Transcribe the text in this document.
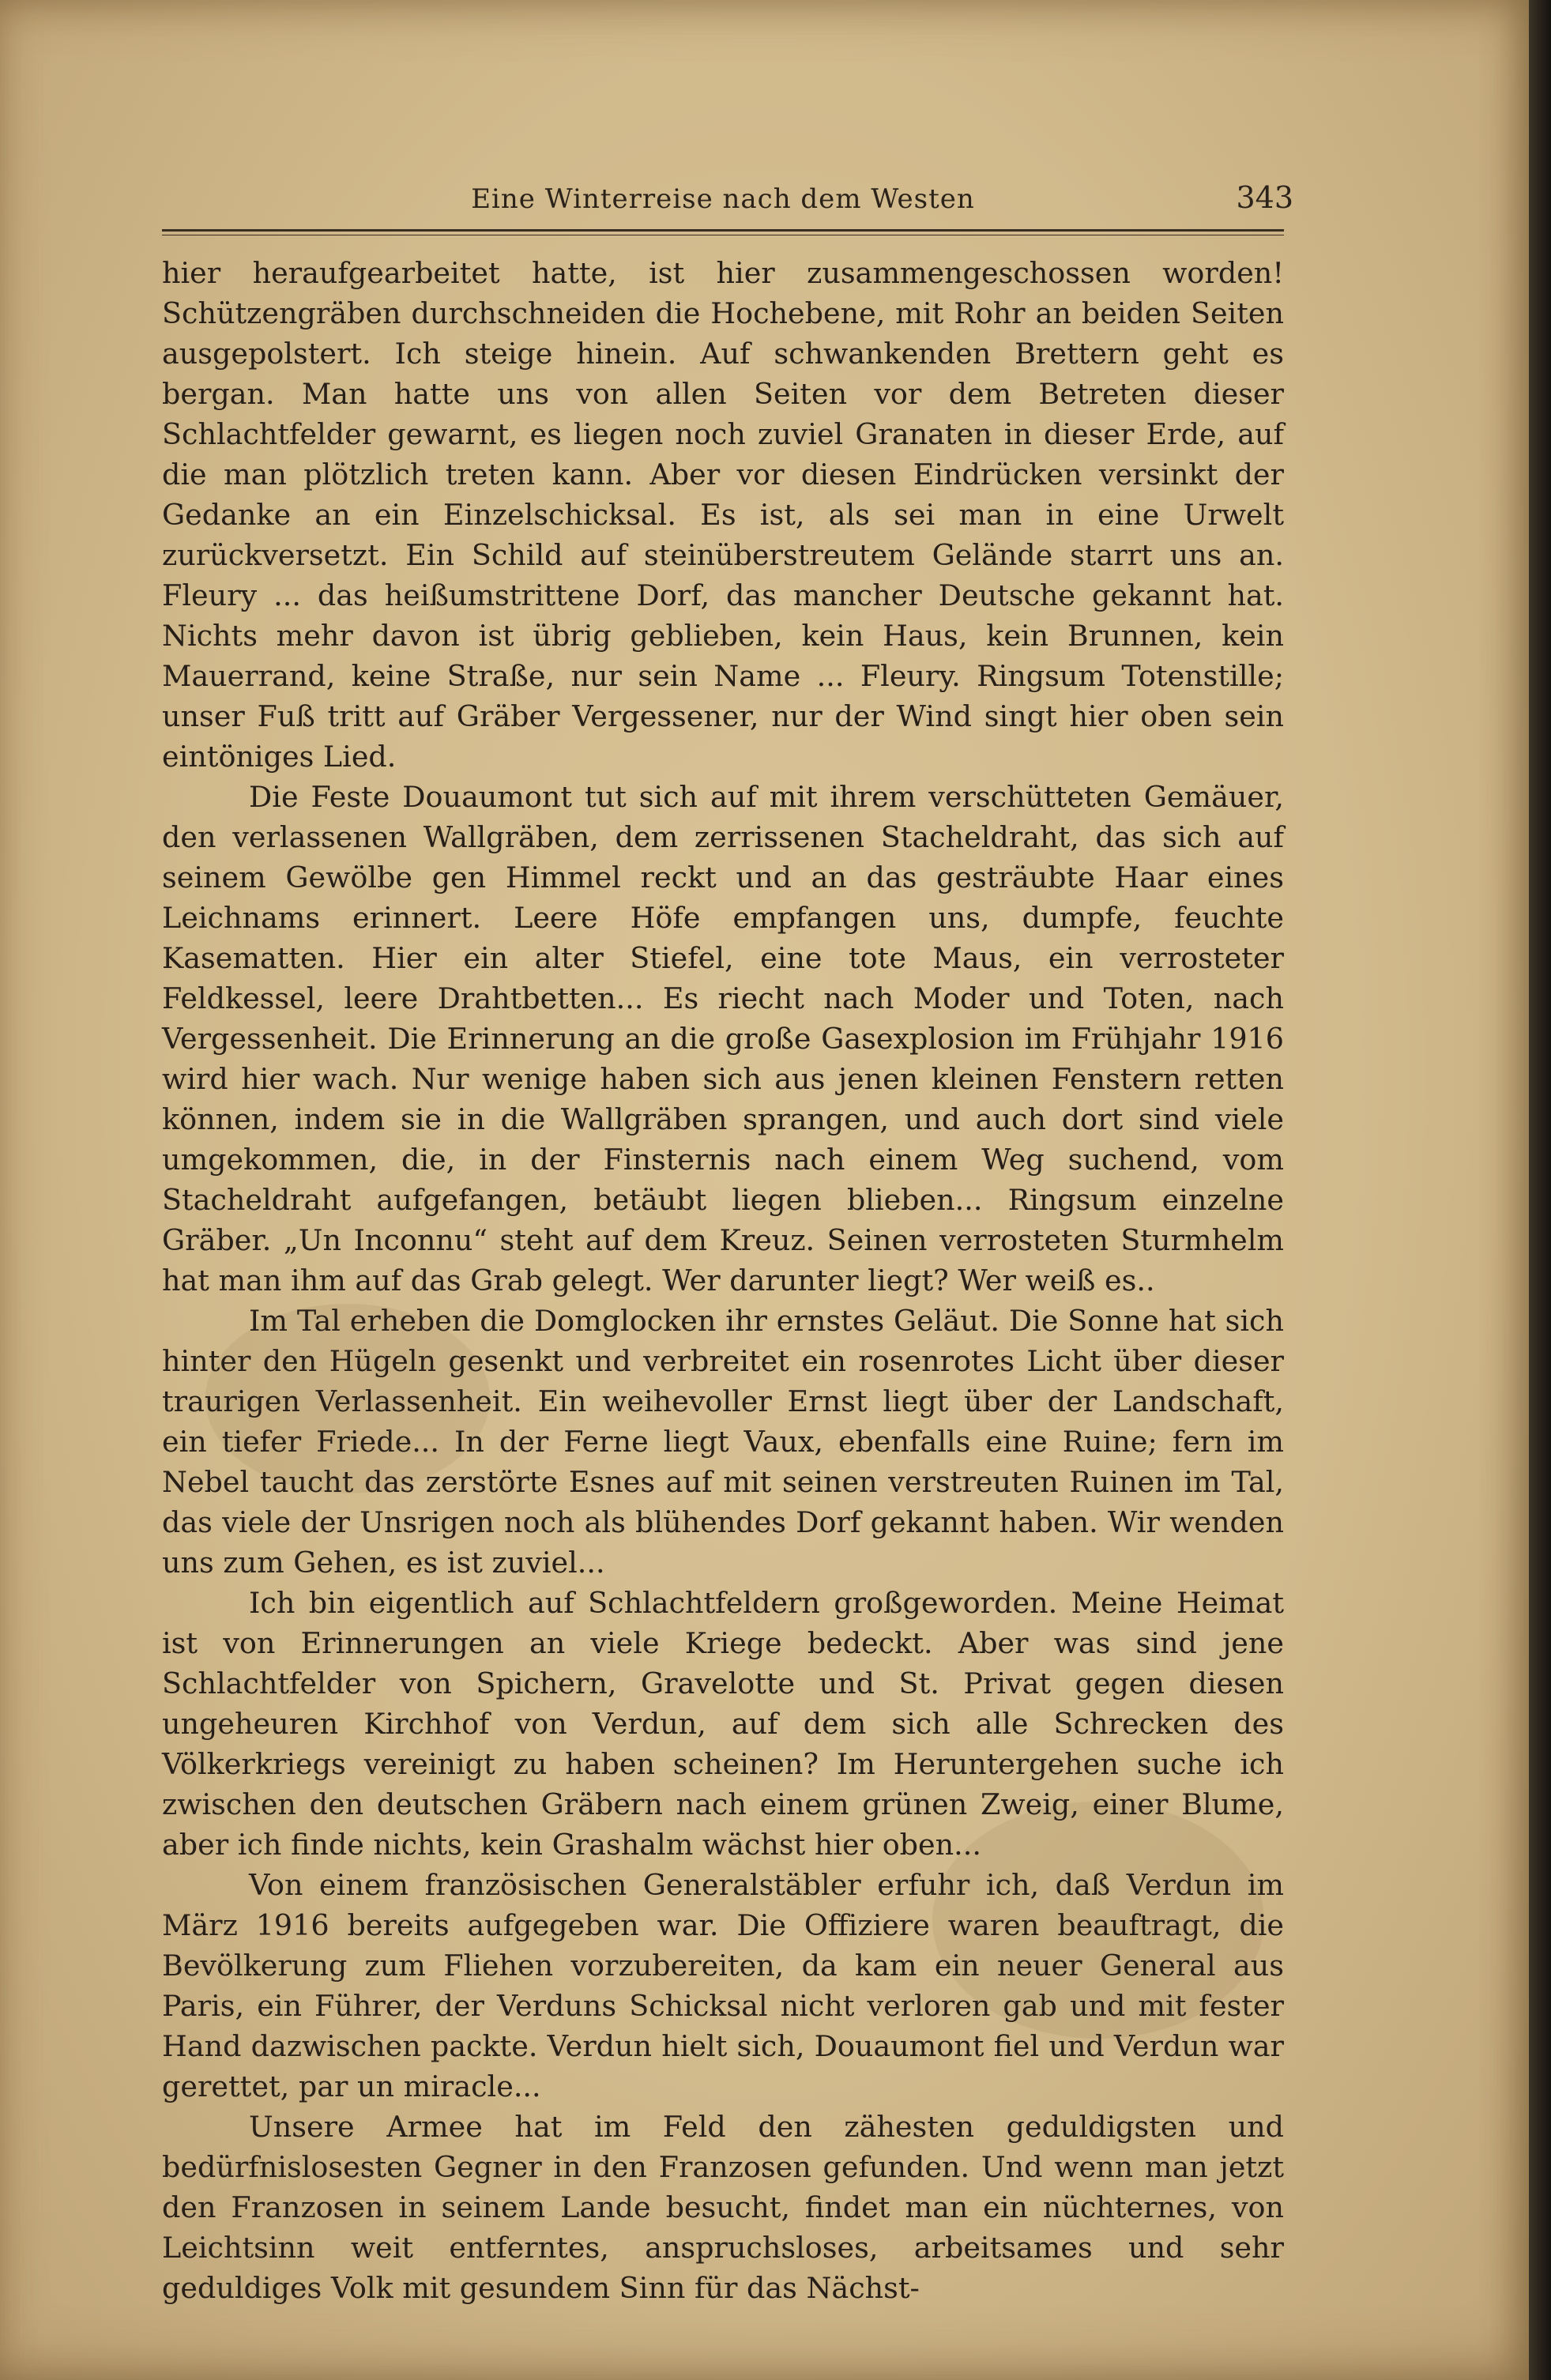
Eine Winterreise nach dem Westen	343

hier heraufgearbeitet hatte, ist hier zusammengeschossen worden! Schützengräben durchschneiden die Hochebene, mit Rohr an beiden Seiten ausgepolstert. Ich steige hinein. Auf schwankenden Brettern geht es bergan. Man hatte uns von allen Seiten vor dem Betreten dieser Schlachtfelder gewarnt, es liegen noch zuviel Granaten in dieser Erde, auf die man plötzlich treten kann. Aber vor diesen Eindrücken versinkt der Gedanke an ein Einzelschicksal. Es ist, als sei man in eine Urwelt zurückversetzt. Ein Schild auf steinüberstreutem Gelände starrt uns an. Fleury ... das heißumstrittene Dorf, das mancher Deutsche gekannt hat. Nichts mehr davon ist übrig geblieben, kein Haus, kein Brunnen, kein Mauerrand, keine Straße, nur sein Name ... Fleury. Ringsum Totenstille; unser Fuß tritt auf Gräber Vergessener, nur der Wind singt hier oben sein eintöniges Lied.

Die Feste Douaumont tut sich auf mit ihrem verschütteten Gemäuer, den verlassenen Wallgräben, dem zerrissenen Stacheldraht, das sich auf seinem Gewölbe gen Himmel reckt und an das gesträubte Haar eines Leichnams erinnert. Leere Höfe empfangen uns, dumpfe, feuchte Kasematten. Hier ein alter Stiefel, eine tote Maus, ein verrosteter Feldkessel, leere Drahtbetten... Es riecht nach Moder und Toten, nach Vergessenheit. Die Erinnerung an die große Gasexplosion im Frühjahr 1916 wird hier wach. Nur wenige haben sich aus jenen kleinen Fenstern retten können, indem sie in die Wallgräben sprangen, und auch dort sind viele umgekommen, die, in der Finsternis nach einem Weg suchend, vom Stacheldraht aufgefangen, betäubt liegen blieben... Ringsum einzelne Gräber. „Un Inconnu“ steht auf dem Kreuz. Seinen verrosteten Sturmhelm hat man ihm auf das Grab gelegt. Wer darunter liegt? Wer weiß es..

Im Tal erheben die Domglocken ihr ernstes Geläut. Die Sonne hat sich hinter den Hügeln gesenkt und verbreitet ein rosenrotes Licht über dieser traurigen Verlassenheit. Ein weihevoller Ernst liegt über der Landschaft, ein tiefer Friede... In der Ferne liegt Vaux, ebenfalls eine Ruine; fern im Nebel taucht das zerstörte Esnes auf mit seinen verstreuten Ruinen im Tal, das viele der Unsrigen noch als blühendes Dorf gekannt haben. Wir wenden uns zum Gehen, es ist zuviel...

Ich bin eigentlich auf Schlachtfeldern großgeworden. Meine Heimat ist von Erinnerungen an viele Kriege bedeckt. Aber was sind jene Schlachtfelder von Spichern, Gravelotte und St. Privat gegen diesen ungeheuren Kirchhof von Verdun, auf dem sich alle Schrecken des Völkerkriegs vereinigt zu haben scheinen? Im Heruntergehen suche ich zwischen den deutschen Gräbern nach einem grünen Zweig, einer Blume, aber ich finde nichts, kein Grashalm wächst hier oben...

Von einem französischen Generalstäbler erfuhr ich, daß Verdun im März 1916 bereits aufgegeben war. Die Offiziere waren beauftragt, die Bevölkerung zum Fliehen vorzubereiten, da kam ein neuer General aus Paris, ein Führer, der Verduns Schicksal nicht verloren gab und mit fester Hand dazwischen packte. Verdun hielt sich, Douaumont fiel und Verdun war gerettet, par un miracle...

Unsere Armee hat im Feld den zähesten geduldigsten und bedürfnislosesten Gegner in den Franzosen gefunden. Und wenn man jetzt den Franzosen in seinem Lande besucht, findet man ein nüchternes, von Leichtsinn weit entferntes, anspruchsloses, arbeitsames und sehr geduldiges Volk mit gesundem Sinn für das Nächst-
